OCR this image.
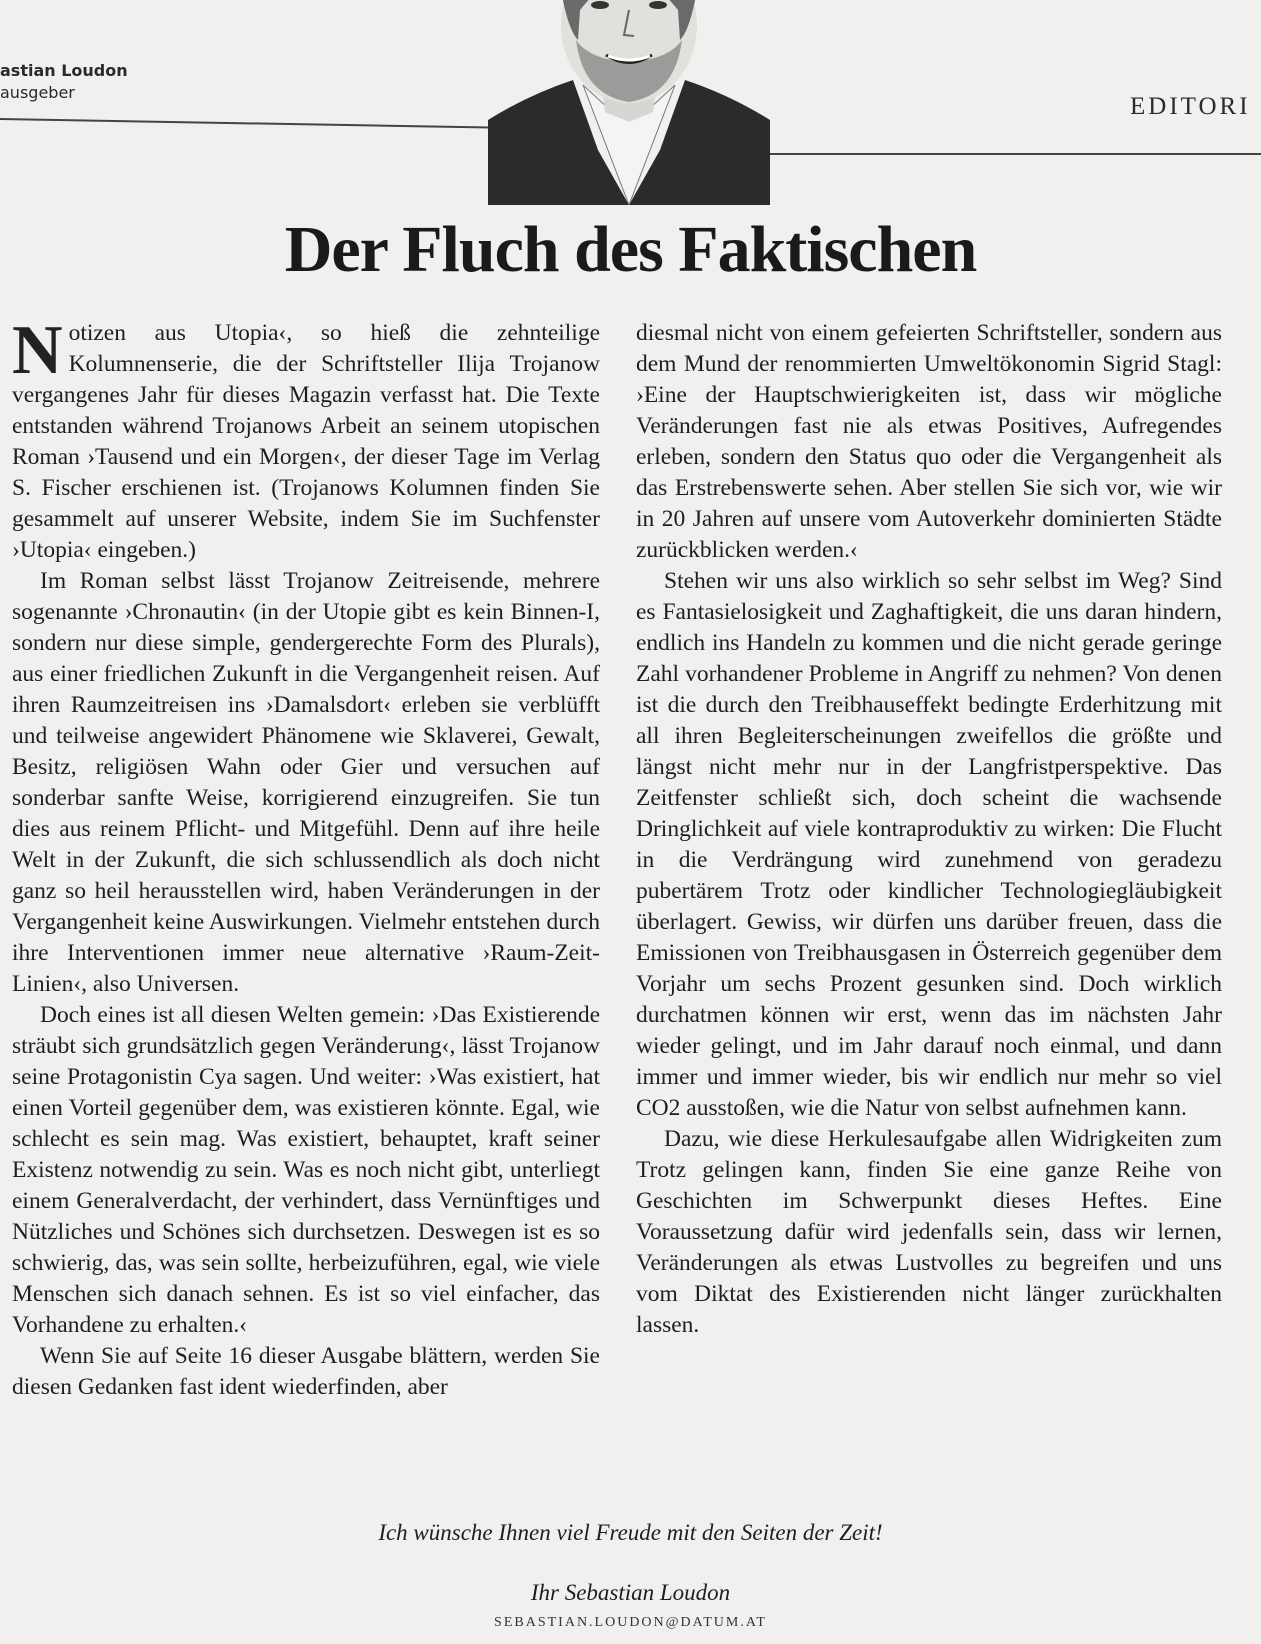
astian Loudon
ausgeber
EDITORI
Der Fluch des Faktischen

Notizen aus Utopia‹, so hieß die zehnteilige Kolumnenserie, die der Schriftsteller Ilija Trojanow vergangenes Jahr für dieses Magazin verfasst hat. Die Texte entstanden während Trojanows Arbeit an seinem utopischen Roman ›Tausend und ein Morgen‹, der dieser Tage im Verlag S. Fischer erschienen ist. (Trojanows Kolumnen finden Sie gesammelt auf unserer Website, indem Sie im Suchfenster ›Utopia‹ eingeben.)

Im Roman selbst lässt Trojanow Zeitreisende, mehrere sogenannte ›Chronautin‹ (in der Utopie gibt es kein Binnen-I, sondern nur diese simple, gendergerechte Form des Plurals), aus einer friedlichen Zukunft in die Vergangenheit reisen. Auf ihren Raumzeitreisen ins ›Damalsdort‹ erleben sie verblüfft und teilweise angewidert Phänomene wie Sklaverei, Gewalt, Besitz, religiösen Wahn oder Gier und versuchen auf sonderbar sanfte Weise, korrigierend einzugreifen. Sie tun dies aus reinem Pflicht- und Mitgefühl. Denn auf ihre heile Welt in der Zukunft, die sich schlussendlich als doch nicht ganz so heil herausstellen wird, haben Veränderungen in der Vergangenheit keine Auswirkungen. Vielmehr entstehen durch ihre Interventionen immer neue alternative ›Raum-Zeit-Linien‹, also Universen.

Doch eines ist all diesen Welten gemein: ›Das Existierende sträubt sich grundsätzlich gegen Veränderung‹, lässt Trojanow seine Protagonistin Cya sagen. Und weiter: ›Was existiert, hat einen Vorteil gegenüber dem, was existieren könnte. Egal, wie schlecht es sein mag. Was existiert, behauptet, kraft seiner Existenz notwendig zu sein. Was es noch nicht gibt, unterliegt einem Generalverdacht, der verhindert, dass Vernünftiges und Nützliches und Schönes sich durchsetzen. Deswegen ist es so schwierig, das, was sein sollte, herbeizuführen, egal, wie viele Menschen sich danach sehnen. Es ist so viel einfacher, das Vorhandene zu erhalten.‹

Wenn Sie auf Seite 16 dieser Ausgabe blättern, werden Sie diesen Gedanken fast ident wiederfinden, aber

diesmal nicht von einem gefeierten Schriftsteller, sondern aus dem Mund der renommierten Umweltökonomin Sigrid Stagl: ›Eine der Hauptschwierigkeiten ist, dass wir mögliche Veränderungen fast nie als etwas Positives, Aufregendes erleben, sondern den Status quo oder die Vergangenheit als das Erstrebenswerte sehen. Aber stellen Sie sich vor, wie wir in 20 Jahren auf unsere vom Autoverkehr dominierten Städte zurückblicken werden.‹

Stehen wir uns also wirklich so sehr selbst im Weg? Sind es Fantasielosigkeit und Zaghaftigkeit, die uns daran hindern, endlich ins Handeln zu kommen und die nicht gerade geringe Zahl vorhandener Probleme in Angriff zu nehmen? Von denen ist die durch den Treibhauseffekt bedingte Erderhitzung mit all ihren Begleiterscheinungen zweifellos die größte und längst nicht mehr nur in der Langfristperspektive. Das Zeitfenster schließt sich, doch scheint die wachsende Dringlichkeit auf viele kontraproduktiv zu wirken: Die Flucht in die Verdrängung wird zunehmend von geradezu pubertärem Trotz oder kindlicher Technologiegläubigkeit überlagert. Gewiss, wir dürfen uns darüber freuen, dass die Emissionen von Treibhausgasen in Österreich gegenüber dem Vorjahr um sechs Prozent gesunken sind. Doch wirklich durchatmen können wir erst, wenn das im nächsten Jahr wieder gelingt, und im Jahr darauf noch einmal, und dann immer und immer wieder, bis wir endlich nur mehr so viel CO2 ausstoßen, wie die Natur von selbst aufnehmen kann.

Dazu, wie diese Herkulesaufgabe allen Widrigkeiten zum Trotz gelingen kann, finden Sie eine ganze Reihe von Geschichten im Schwerpunkt dieses Heftes. Eine Voraussetzung dafür wird jedenfalls sein, dass wir lernen, Veränderungen als etwas Lustvolles zu begreifen und uns vom Diktat des Existierenden nicht länger zurückhalten lassen.

Ich wünsche Ihnen viel Freude mit den Seiten der Zeit!
Ihr Sebastian Loudon
SEBASTIAN.LOUDON@DATUM.AT
